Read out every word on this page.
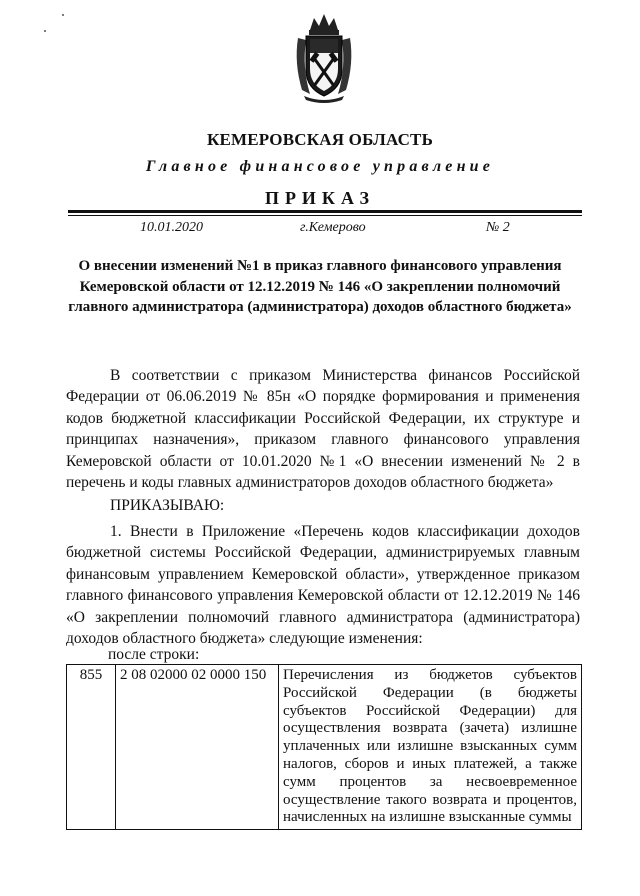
КЕМЕРОВСКАЯ ОБЛАСТЬ
Главное финансовое управление
ПРИКАЗ
10.01.2020	г.Кемерово	№ 2
О внесении изменений №1 в приказ главного финансового управления Кемеровской области от 12.12.2019 № 146 «О закреплении полномочий главного администратора (администратора) доходов областного бюджета»
В соответствии с приказом Министерства финансов Российской Федерации от 06.06.2019 № 85н «О порядке формирования и применения кодов бюджетной классификации Российской Федерации, их структуре и принципах назначения», приказом главного финансового управления Кемеровской области от 10.01.2020 №1 «О внесении изменений № 2 в перечень и коды главных администраторов доходов областного бюджета»
ПРИКАЗЫВАЮ:
1. Внести в Приложение «Перечень кодов классификации доходов бюджетной системы Российской Федерации, администрируемых главным финансовым управлением Кемеровской области», утвержденное приказом главного финансового управления Кемеровской области от 12.12.2019 № 146 «О закреплении полномочий главного администратора (администратора) доходов областного бюджета» следующие изменения:
после строки:
855	2 08 02000 02 0000 150	Перечисления из бюджетов субъектов Российской Федерации (в бюджеты субъектов Российской Федерации) для осуществления возврата (зачета) излишне уплаченных или излишне взысканных сумм налогов, сборов и иных платежей, а также сумм процентов за несвоевременное осуществление такого возврата и процентов, начисленных на излишне взысканные суммы
